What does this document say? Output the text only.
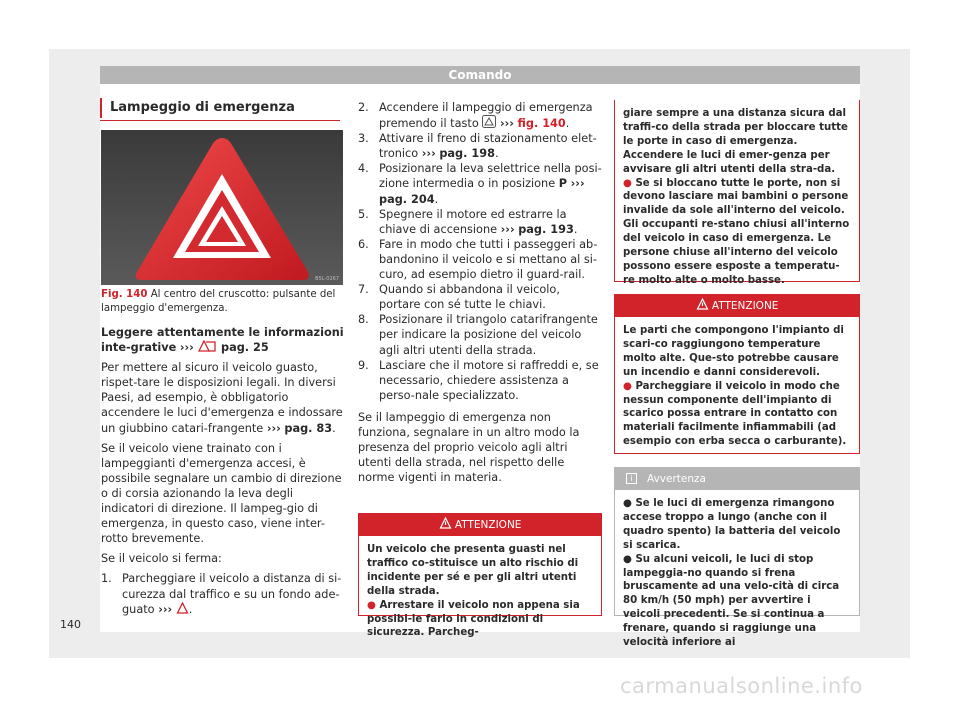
Comando
Lampeggio di emergenza
B5L-0267
Fig. 140 Al centro del cruscotto: pulsante del lampeggio d'emergenza.

Leggere attentamente le informazioni inte-grative ››› pag. 25

Per mettere al sicuro il veicolo guasto, rispet-tare le disposizioni legali. In diversi Paesi, ad esempio, è obbligatorio accendere le luci d'emergenza e indossare un giubbino catari-frangente ››› pag. 83.

Se il veicolo viene trainato con i lampeggianti d'emergenza accesi, è possibile segnalare un cambio di direzione o di corsia azionando la leva degli indicatori di direzione. Il lampeg-gio di emergenza, in questo caso, viene inter-rotto brevemente.

Se il veicolo si ferma:

1. Parcheggiare il veicolo a distanza di si-curezza dal traffico e su un fondo ade-guato ››› .
2. Accendere il lampeggio di emergenza premendo il tasto ››› fig. 140.
3. Attivare il freno di stazionamento elet-tronico ››› pag. 198.
4. Posizionare la leva selettrice nella posi-zione intermedia o in posizione P ››› pag. 204.
5. Spegnere il motore ed estrarre la chiave di accensione ››› pag. 193.
6. Fare in modo che tutti i passeggeri ab-bandonino il veicolo e si mettano al si-curo, ad esempio dietro il guard-rail.
7. Quando si abbandona il veicolo, portare con sé tutte le chiavi.
8. Posizionare il triangolo catarifrangente per indicare la posizione del veicolo agli altri utenti della strada.
9. Lasciare che il motore si raffreddi e, se necessario, chiedere assistenza a perso-nale specializzato.

Se il lampeggio di emergenza non funziona, segnalare in un altro modo la presenza del proprio veicolo agli altri utenti della strada, nel rispetto delle norme vigenti in materia.

ATTENZIONE
Un veicolo che presenta guasti nel traffico co-stituisce un alto rischio di incidente per sé e per gli altri utenti della strada.
● Arrestare il veicolo non appena sia possibi-le farlo in condizioni di sicurezza. Parcheg-
giare sempre a una distanza sicura dal traffi-co della strada per bloccare tutte le porte in caso di emergenza. Accendere le luci di emer-genza per avvisare gli altri utenti della stra-da.
● Se si bloccano tutte le porte, non si devono lasciare mai bambini o persone invalide da sole all'interno del veicolo. Gli occupanti re-stano chiusi all'interno del veicolo in caso di emergenza. Le persone chiuse all'interno del veicolo possono essere esposte a temperatu-re molto alte o molto basse.
ATTENZIONE
Le parti che compongono l'impianto di scari-co raggiungono temperature molto alte. Que-sto potrebbe causare un incendio e danni considerevoli.
● Parcheggiare il veicolo in modo che nessun componente dell'impianto di scarico possa entrare in contatto con materiali facilmente infiammabili (ad esempio con erba secca o carburante).
i	Avvertenza
● Se le luci di emergenza rimangono accese troppo a lungo (anche con il quadro spento) la batteria del veicolo si scarica.
● Su alcuni veicoli, le luci di stop lampeggia-no quando si frena bruscamente ad una velo-cità di circa 80 km/h (50 mph) per avvertire i veicoli precedenti. Se si continua a frenare, quando si raggiunge una velocità inferiore ai
140
carmanualsonline.info
